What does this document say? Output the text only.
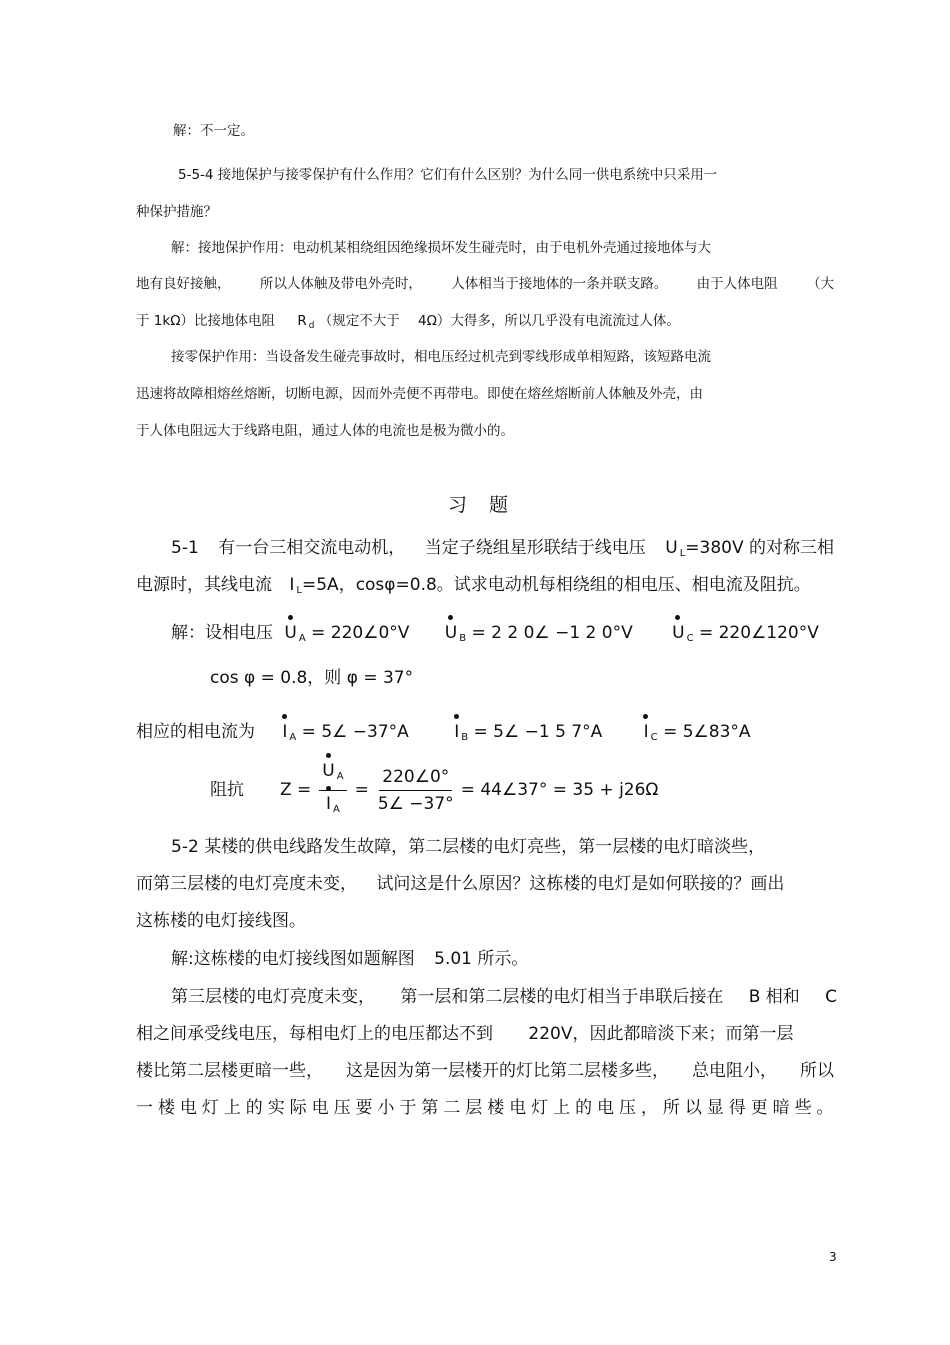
解：不一定。
5-5-4 接地保护与接零保护有什么作用？它们有什么区别？为什么同一供电系统中只采用一
种保护措施？
解：接地保护作用：电动机某相绕组因绝缘损坏发生碰壳时，由于电机外壳通过接地体与大
地有良好接触， 所以人体触及带电外壳时， 人体相当于接地体的一条并联支路。 由于人体电阻 （大
于 1kΩ）比接地体电阻 R $_d$ （规定不大于 4Ω）大得多，所以几乎没有电流流过人体。
接零保护作用：当设备发生碰壳事故时，相电压经过机壳到零线形成单相短路，该短路电流
迅速将故障相熔丝熔断，切断电源，因而外壳便不再带电。即使在熔丝熔断前人体触及外壳，由
于人体电阻远大于线路电阻，通过人体的电流也是极为微小的。
习题
5-1 有一台三相交流电动机， 当定子绕组星形联结于线电压 U $_L$=380V 的对称三相
电源时，其线电流 I $_L$=5A，cosφ=0.8。试求电动机每相绕组的相电压、相电流及阻抗。
解：设相电压 U $_A$ = 220∠0°V U $_B$ = 2 2 0∠ −1 2 0°V U $_C$ = 220∠120°V
cos φ = 0.8，则 φ = 37°
相应的相电流为 I $_A$ = 5∠ −37°A	I $_B$ = 5∠ −1 5 7°A I $_C$ = 5∠83°A
阻抗 $Z = \frac{U _A}{I _A} = \frac{220\angle 0^\circ}{5\angle -37^\circ}$ = 44∠37° = 35 + j26Ω
5-2 某楼的供电线路发生故障，第二层楼的电灯亮些，第一层楼的电灯暗淡些，
而第三层楼的电灯亮度未变， 试问这是什么原因？这栋楼的电灯是如何联接的？画出
这栋楼的电灯接线图。
解:这栋楼的电灯接线图如题解图 5.01 所示。
第三层楼的电灯亮度未变， 第一层和第二层楼的电灯相当于串联后接在 B 相和 C
相之间承受线电压，每相电灯上的电压都达不到 220V，因此都暗淡下来；而第一层
楼比第二层楼更暗一些， 这是因为第一层楼开的灯比第二层楼多些， 总电阻小， 所以
一 楼 电 灯 上 的 实 际 电 压 要 小 于 第 二 层 楼 电 灯 上 的 电 压 ， 所 以 显 得 更 暗 些 。
3
